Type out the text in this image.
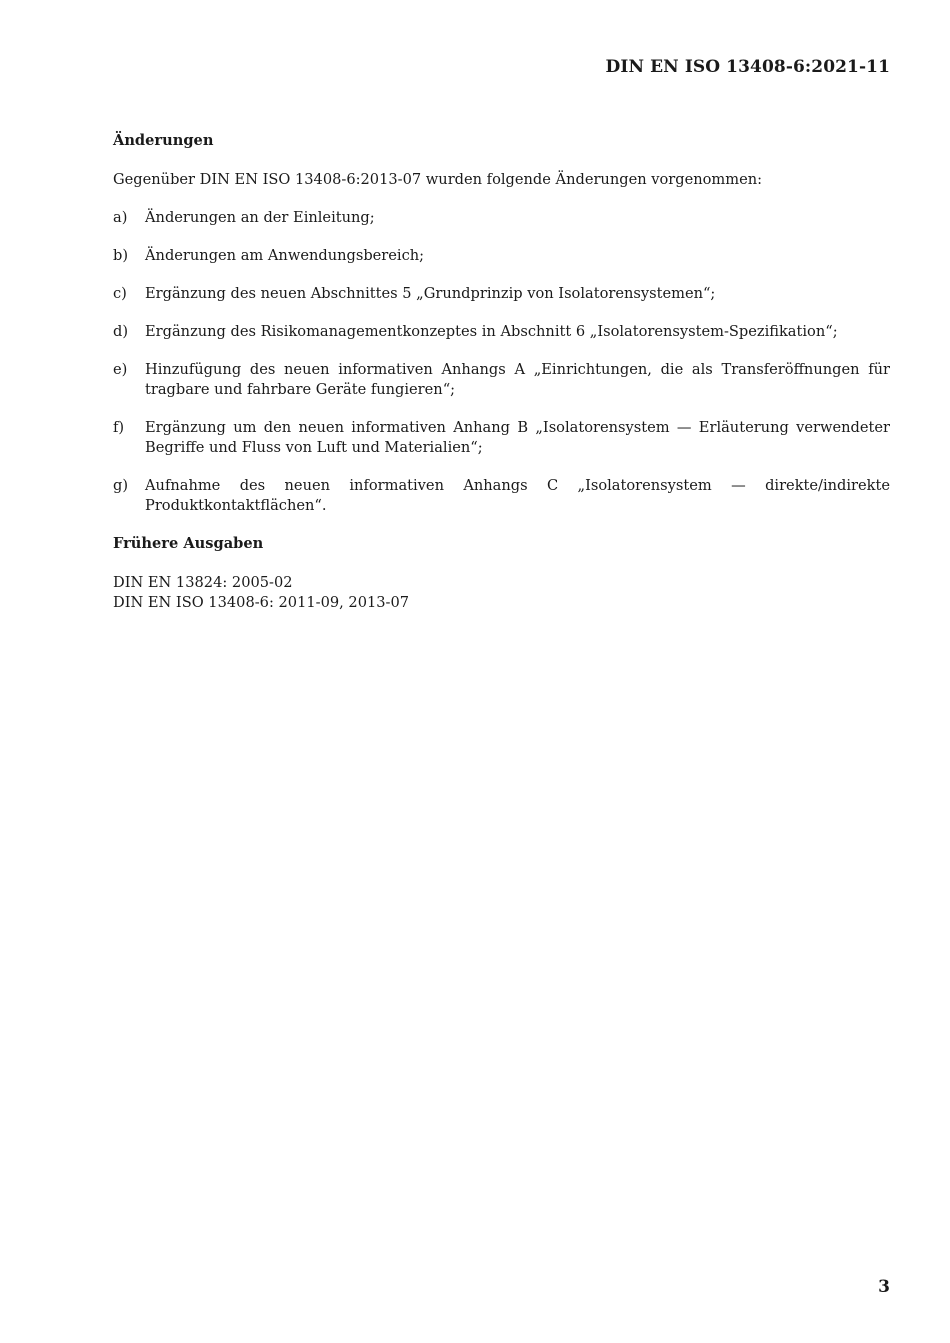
DIN EN ISO 13408-6:2021-11
Änderungen
Gegenüber DIN EN ISO 13408-6:2013-07 wurden folgende Änderungen vorgenommen:
a)	Änderungen an der Einleitung;
b)	Änderungen am Anwendungsbereich;
c)	Ergänzung des neuen Abschnittes 5 „Grundprinzip von Isolatorensystemen“;
d)	Ergänzung des Risikomanagementkonzeptes in Abschnitt 6 „Isolatorensystem-Spezifikation“;
e)	Hinzufügung des neuen informativen Anhangs A „Einrichtungen, die als Transferöffnungen für tragbare und fahrbare Geräte fungieren“;
f)	Ergänzung um den neuen informativen Anhang B „Isolatorensystem — Erläuterung verwendeter Begriffe und Fluss von Luft und Materialien“;
g)	Aufnahme des neuen informativen Anhangs C „Isolatorensystem — direkte/indirekte Produktkontaktflächen“.
Frühere Ausgaben
DIN EN 13824: 2005-02
DIN EN ISO 13408-6: 2011-09, 2013-07
3
